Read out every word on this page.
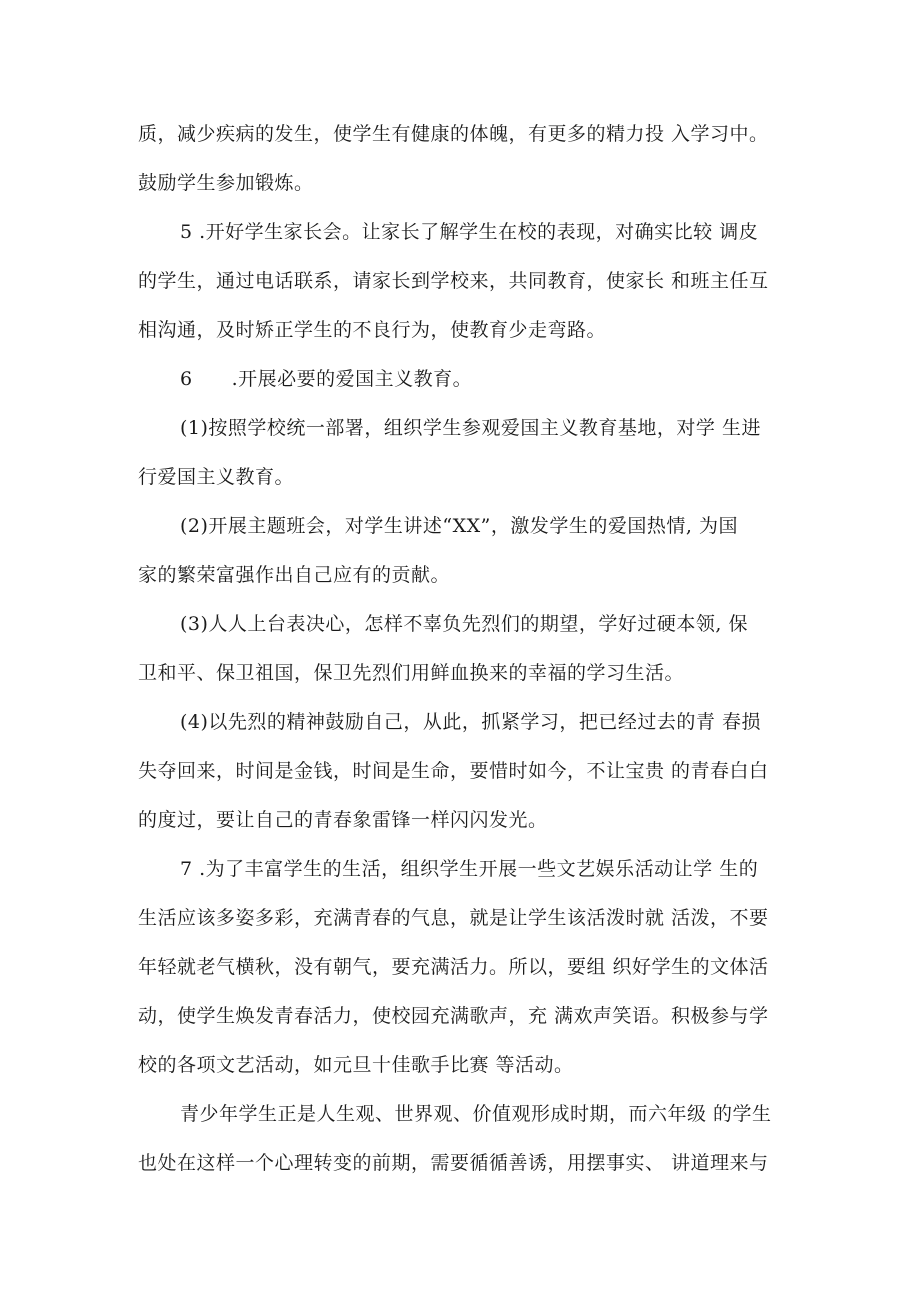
质，减少疾病的发生，使学生有健康的体魄，有更多的精力投 入学习中。
鼓励学生参加锻炼。
5 .开好学生家长会。让家长了解学生在校的表现，对确实比较 调皮
的学生，通过电话联系，请家长到学校来，共同教育，使家长 和班主任互
相沟通，及时矫正学生的不良行为，使教育少走弯路。
6　　.开展必要的爱国主义教育。
(1)按照学校统一部署，组织学生参观爱国主义教育基地，对学 生进
行爱国主义教育。
(2)开展主题班会，对学生讲述“XX”，激发学生的爱国热情, 为国
家的繁荣富强作出自己应有的贡献。
(3)人人上台表决心，怎样不辜负先烈们的期望，学好过硬本领, 保
卫和平、保卫祖国，保卫先烈们用鲜血换来的幸福的学习生活。
(4)以先烈的精神鼓励自己，从此，抓紧学习，把已经过去的青 春损
失夺回来，时间是金钱，时间是生命，要惜时如今，不让宝贵 的青春白白
的度过，要让自己的青春象雷锋一样闪闪发光。
7 .为了丰富学生的生活，组织学生开展一些文艺娱乐活动让学 生的
生活应该多姿多彩，充满青春的气息，就是让学生该活泼时就 活泼，不要
年轻就老气横秋，没有朝气，要充满活力。所以，要组 织好学生的文体活
动，使学生焕发青春活力，使校园充满歌声，充 满欢声笑语。积极参与学
校的各项文艺活动，如元旦十佳歌手比赛 等活动。
青少年学生正是人生观、世界观、价值观形成时期，而六年级 的学生
也处在这样一个心理转变的前期，需要循循善诱，用摆事实、 讲道理来与
